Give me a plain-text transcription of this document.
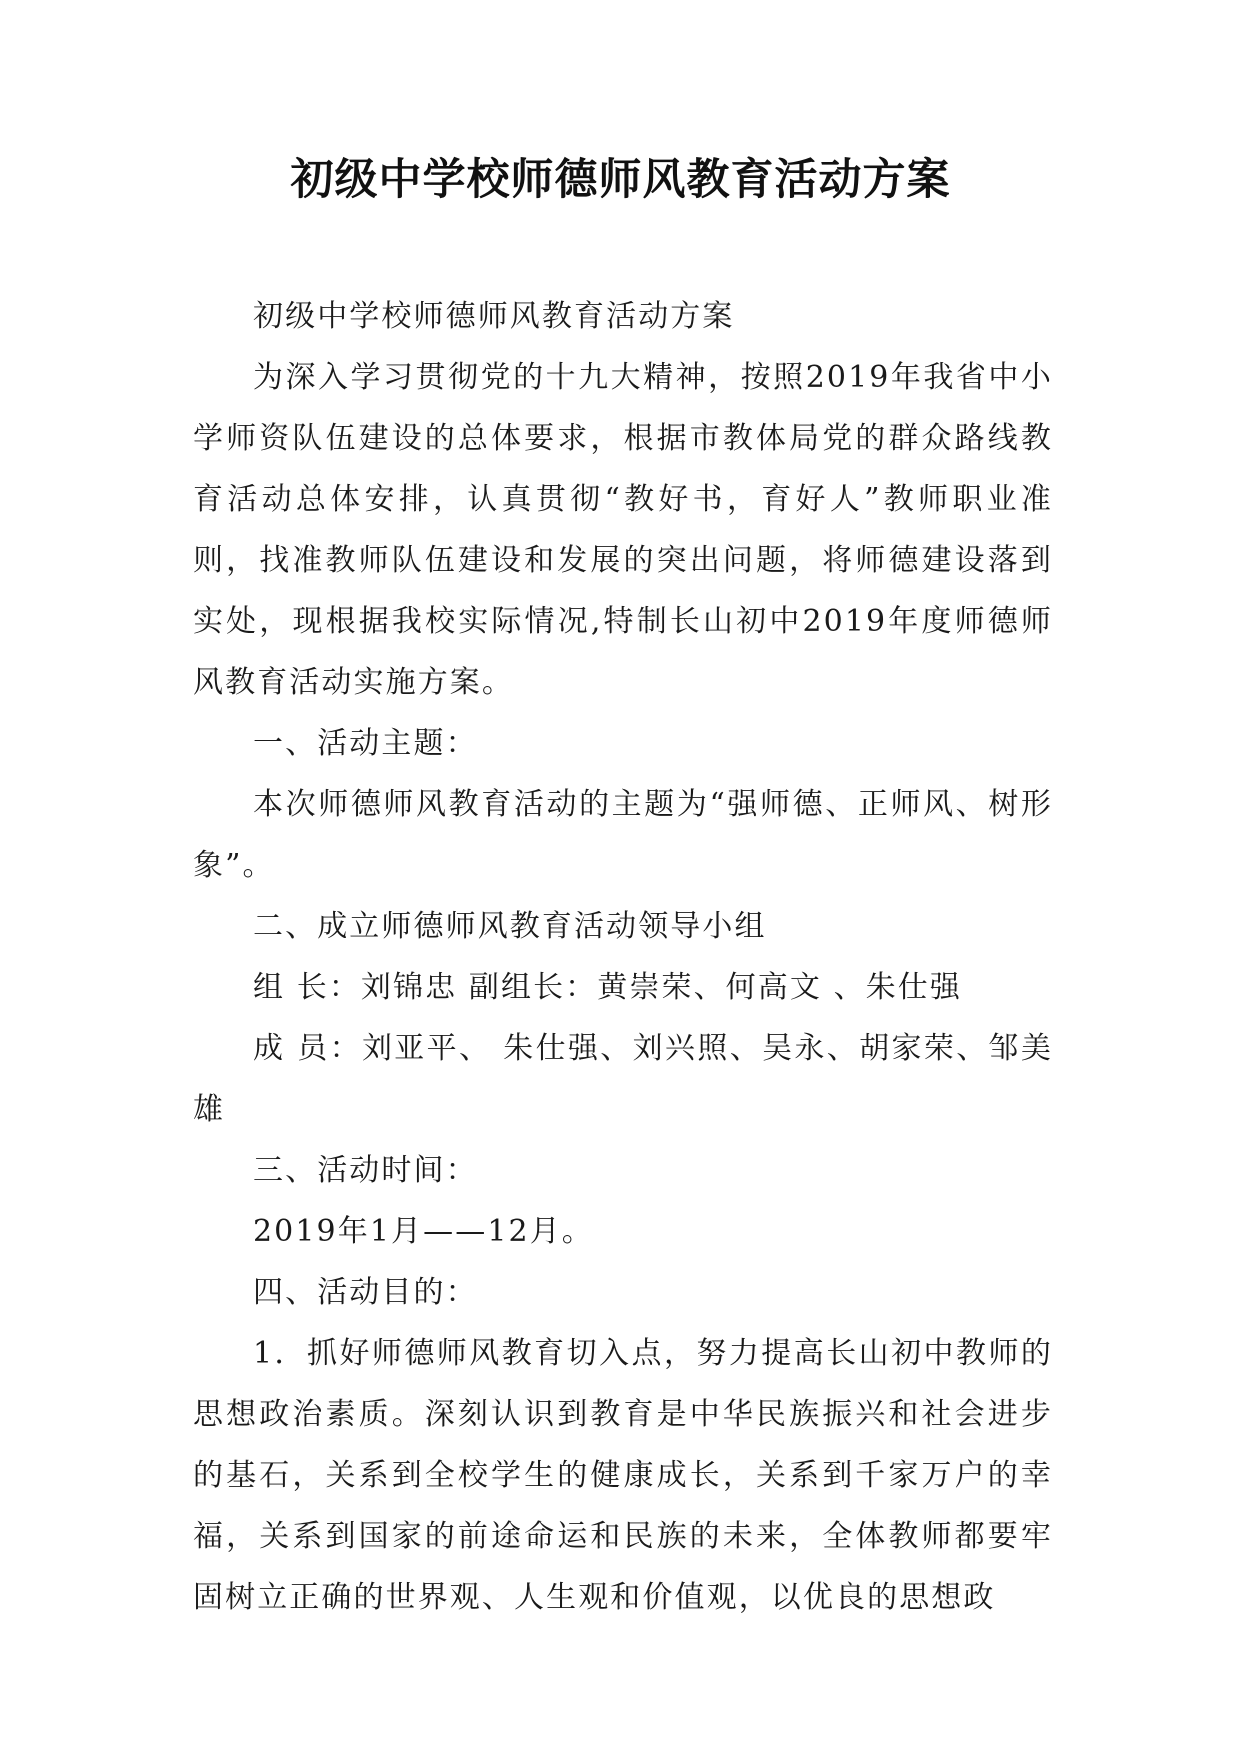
初级中学校师德师风教育活动方案

初级中学校师德师风教育活动方案

为深入学习贯彻党的十九大精神，按照2019年我省中小学师资队伍建设的总体要求，根据市教体局党的群众路线教育活动总体安排，认真贯彻“教好书，育好人”教师职业准则，找准教师队伍建设和发展的突出问题，将师德建设落到实处，现根据我校实际情况,特制长山初中2019年度师德师风教育活动实施方案。

一、活动主题：

本次师德师风教育活动的主题为“强师德、正师风、树形象”。

二、成立师德师风教育活动领导小组

组 长：刘锦忠 副组长：黄崇荣、何高文 、朱仕强

成 员：刘亚平、 朱仕强、刘兴照、吴永、胡家荣、邹美雄

三、活动时间：

2019年1月——12月。

四、活动目的：

1．抓好师德师风教育切入点，努力提高长山初中教师的思想政治素质。深刻认识到教育是中华民族振兴和社会进步的基石，关系到全校学生的健康成长，关系到千家万户的幸福，关系到国家的前途命运和民族的未来，全体教师都要牢固树立正确的世界观、人生观和价值观，以优良的思想政
